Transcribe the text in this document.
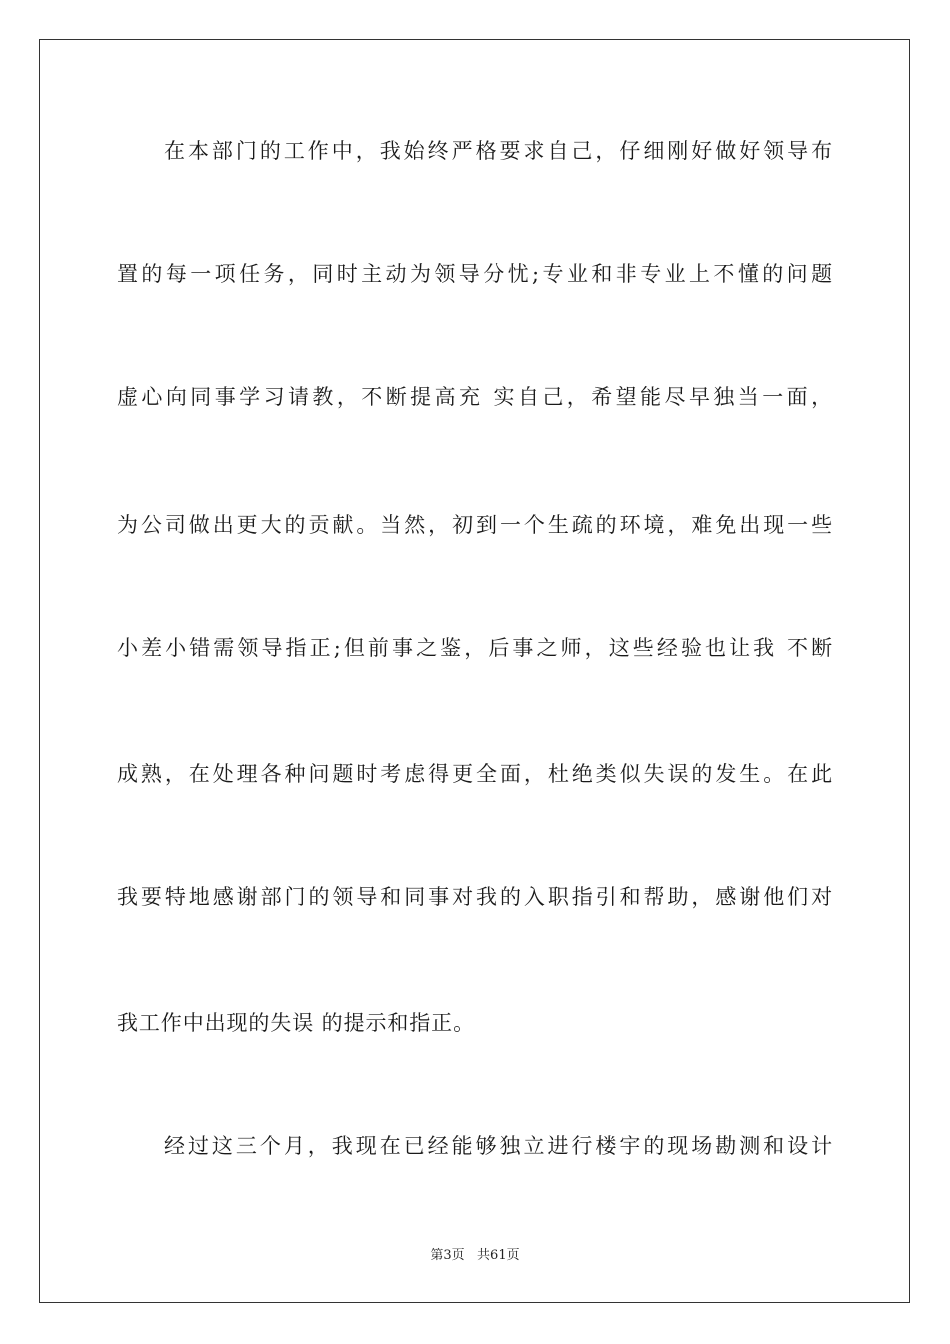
在本部门的工作中，我始终严格要求自己，仔细刚好做好领导布
置的每一项任务，同时主动为领导分忧;专业和非专业上不懂的问题
虚心向同事学习请教，不断提高充 实自己，希望能尽早独当一面，
为公司做出更大的贡献。当然，初到一个生疏的环境，难免出现一些
小差小错需领导指正;但前事之鉴，后事之师，这些经验也让我 不断
成熟，在处理各种问题时考虑得更全面，杜绝类似失误的发生。在此
我要特地感谢部门的领导和同事对我的入职指引和帮助，感谢他们对
我工作中出现的失误 的提示和指正。
经过这三个月，我现在已经能够独立进行楼宇的现场勘测和设计
第3页   共61页
